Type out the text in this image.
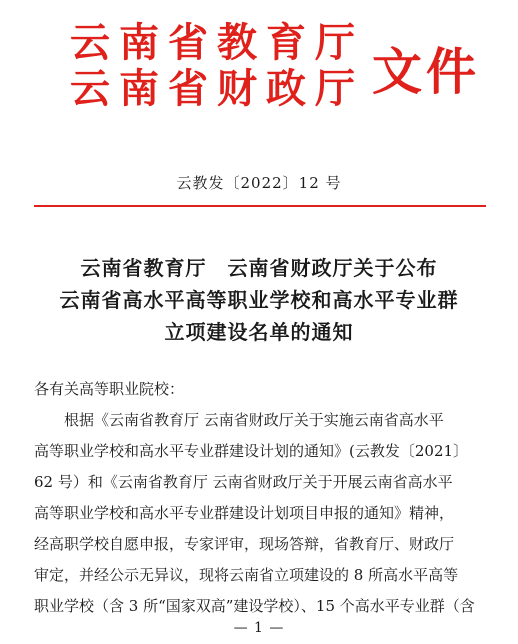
云南省教育厅
云南省财政厅 文件
云教发〔2022〕12 号
云南省教育厅　云南省财政厅关于公布
云南省高水平高等职业学校和高水平专业群
立项建设名单的通知
各有关高等职业院校：
根据《云南省教育厅 云南省财政厅关于实施云南省高水平
高等职业学校和高水平专业群建设计划的通知》(云教发〔2021〕
62 号）和《云南省教育厅 云南省财政厅关于开展云南省高水平
高等职业学校和高水平专业群建设计划项目申报的通知》精神，
经高职学校自愿申报，专家评审，现场答辩，省教育厅、财政厅
审定，并经公示无异议，现将云南省立项建设的 8 所高水平高等
职业学校（含 3 所“国家双高”建设学校）、15 个高水平专业群（含
— 1 —
